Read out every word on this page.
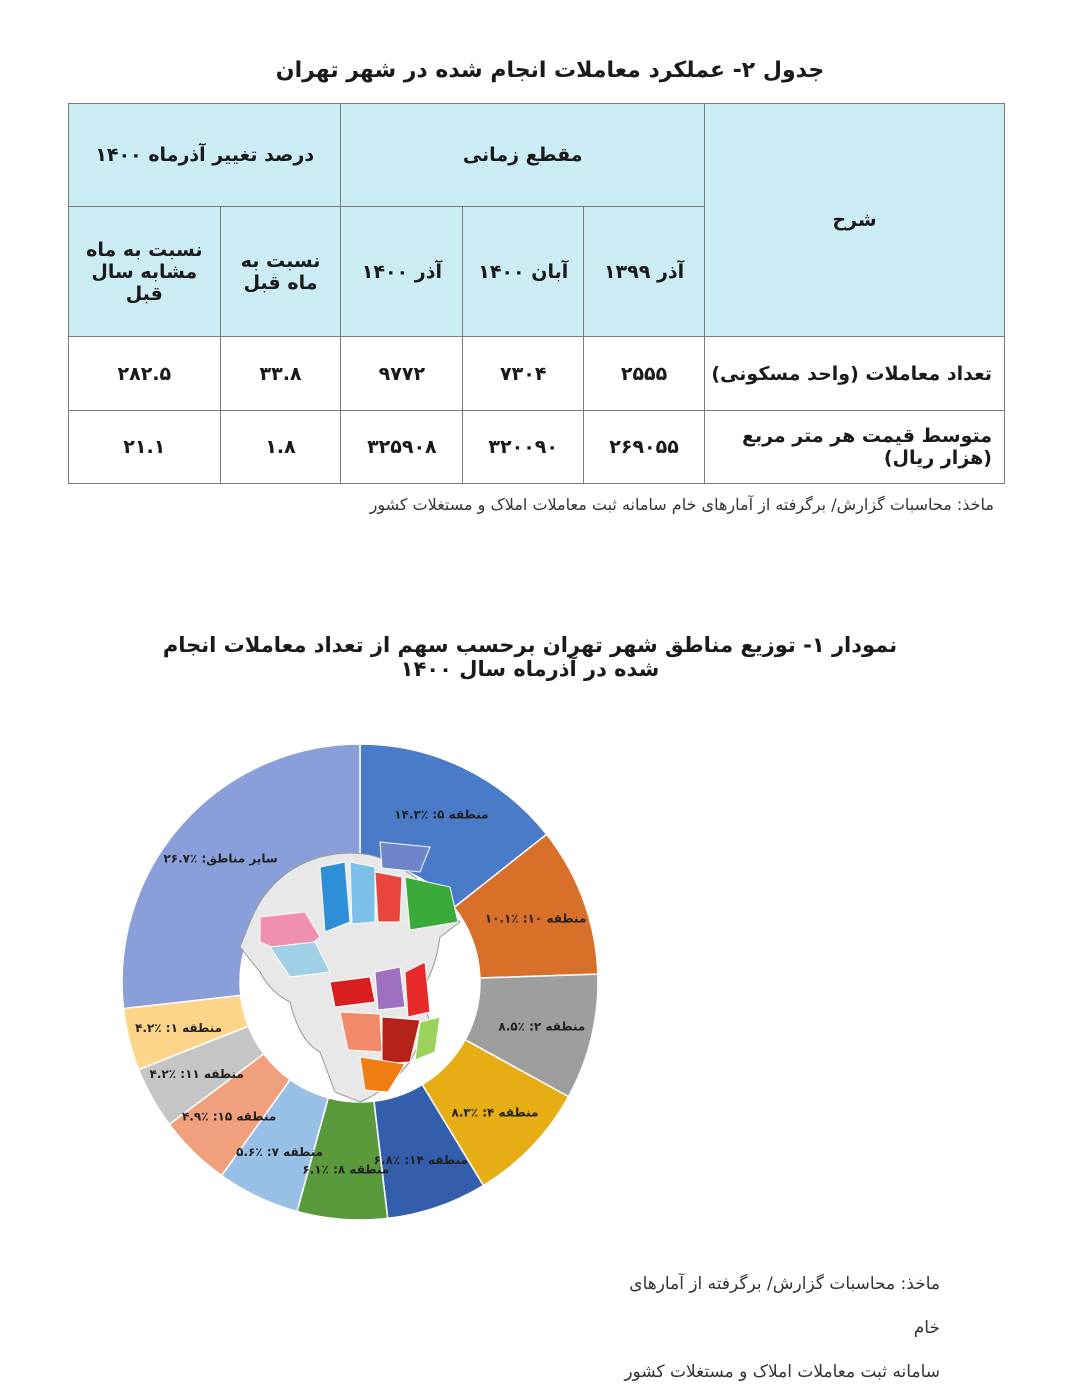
جدول ۲- عملکرد معاملات انجام شده در شهر تهران
شرح	مقطع زمانی			درصد تغییر آذرماه ۱۴۰۰	
	آذر ۱۳۹۹	آبان ۱۴۰۰	آذر ۱۴۰۰	نسبت به ماه قبل	نسبت به ماه مشابه سال قبل
تعداد معاملات (واحد مسکونی)	۲۵۵۵	۷۳۰۴	۹۷۷۲	۳۳.۸	۲۸۲.۵
متوسط قیمت هر متر مربع (هزار ریال)	۲۶۹۰۵۵	۳۲۰۰۹۰	۳۲۵۹۰۸	۱.۸	۲۱.۱
ماخذ: محاسبات گزارش/ برگرفته از آمارهای خام سامانه ثبت معاملات املاک و مستغلات کشور
نمودار ۱- توزیع مناطق شهر تهران برحسب سهم از تعداد معاملات انجام شده در آذرماه سال ۱۴۰۰
منطقه ۵: ٪۱۴.۳
منطقه ۱۰: ٪۱۰.۱
منطقه ۲: ٪۸.۵
منطقه ۴: ٪۸.۳
منطقه ۱۴: ٪۶.۸
منطقه ۸: ٪۶.۱
منطقه ۷: ٪۵.۶
منطقه ۱۵: ٪۴.۹
منطقه ۱۱: ٪۴.۲
منطقه ۱: ٪۴.۲
سایر مناطق: ٪۲۶.۷
ماخذ: محاسبات گزارش/ برگرفته از آمارهای خام
سامانه ثبت معاملات املاک و مستغلات کشور
